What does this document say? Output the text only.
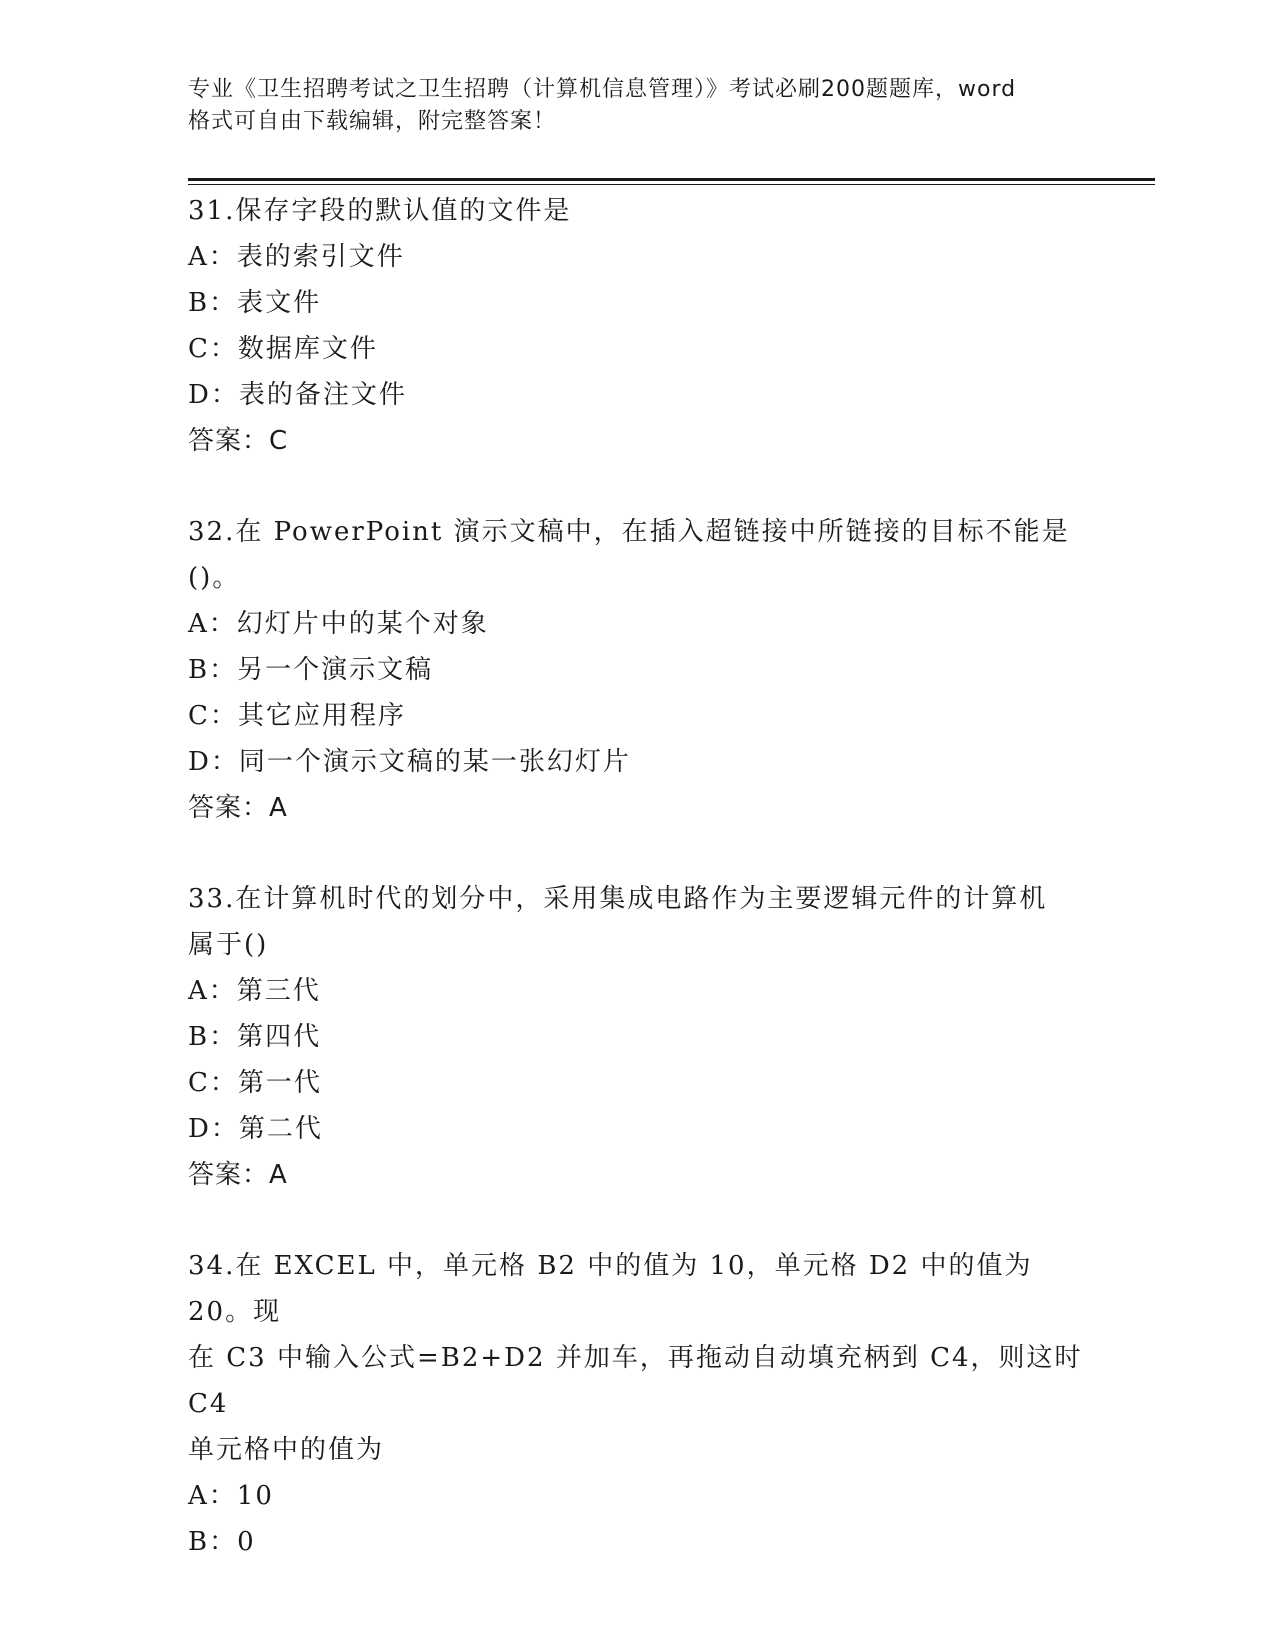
专业《卫生招聘考试之卫生招聘（计算机信息管理）》考试必刷200题题库，word
格式可自由下载编辑，附完整答案！
31.保存字段的默认值的文件是
A：表的索引文件
B：表文件
C：数据库文件
D：表的备注文件
答案：C
32.在 PowerPoint 演示文稿中，在插入超链接中所链接的目标不能是
()。
A：幻灯片中的某个对象
B：另一个演示文稿
C：其它应用程序
D：同一个演示文稿的某一张幻灯片
答案：A
33.在计算机时代的划分中，采用集成电路作为主要逻辑元件的计算机
属于()
A：第三代
B：第四代
C：第一代
D：第二代
答案：A
34.在 EXCEL 中，单元格 B2 中的值为 10，单元格 D2 中的值为 20。现
在 C3 中输入公式=B2+D2 并加车，再拖动自动填充柄到 C4，则这时 C4
单元格中的值为
A：10
B：0
